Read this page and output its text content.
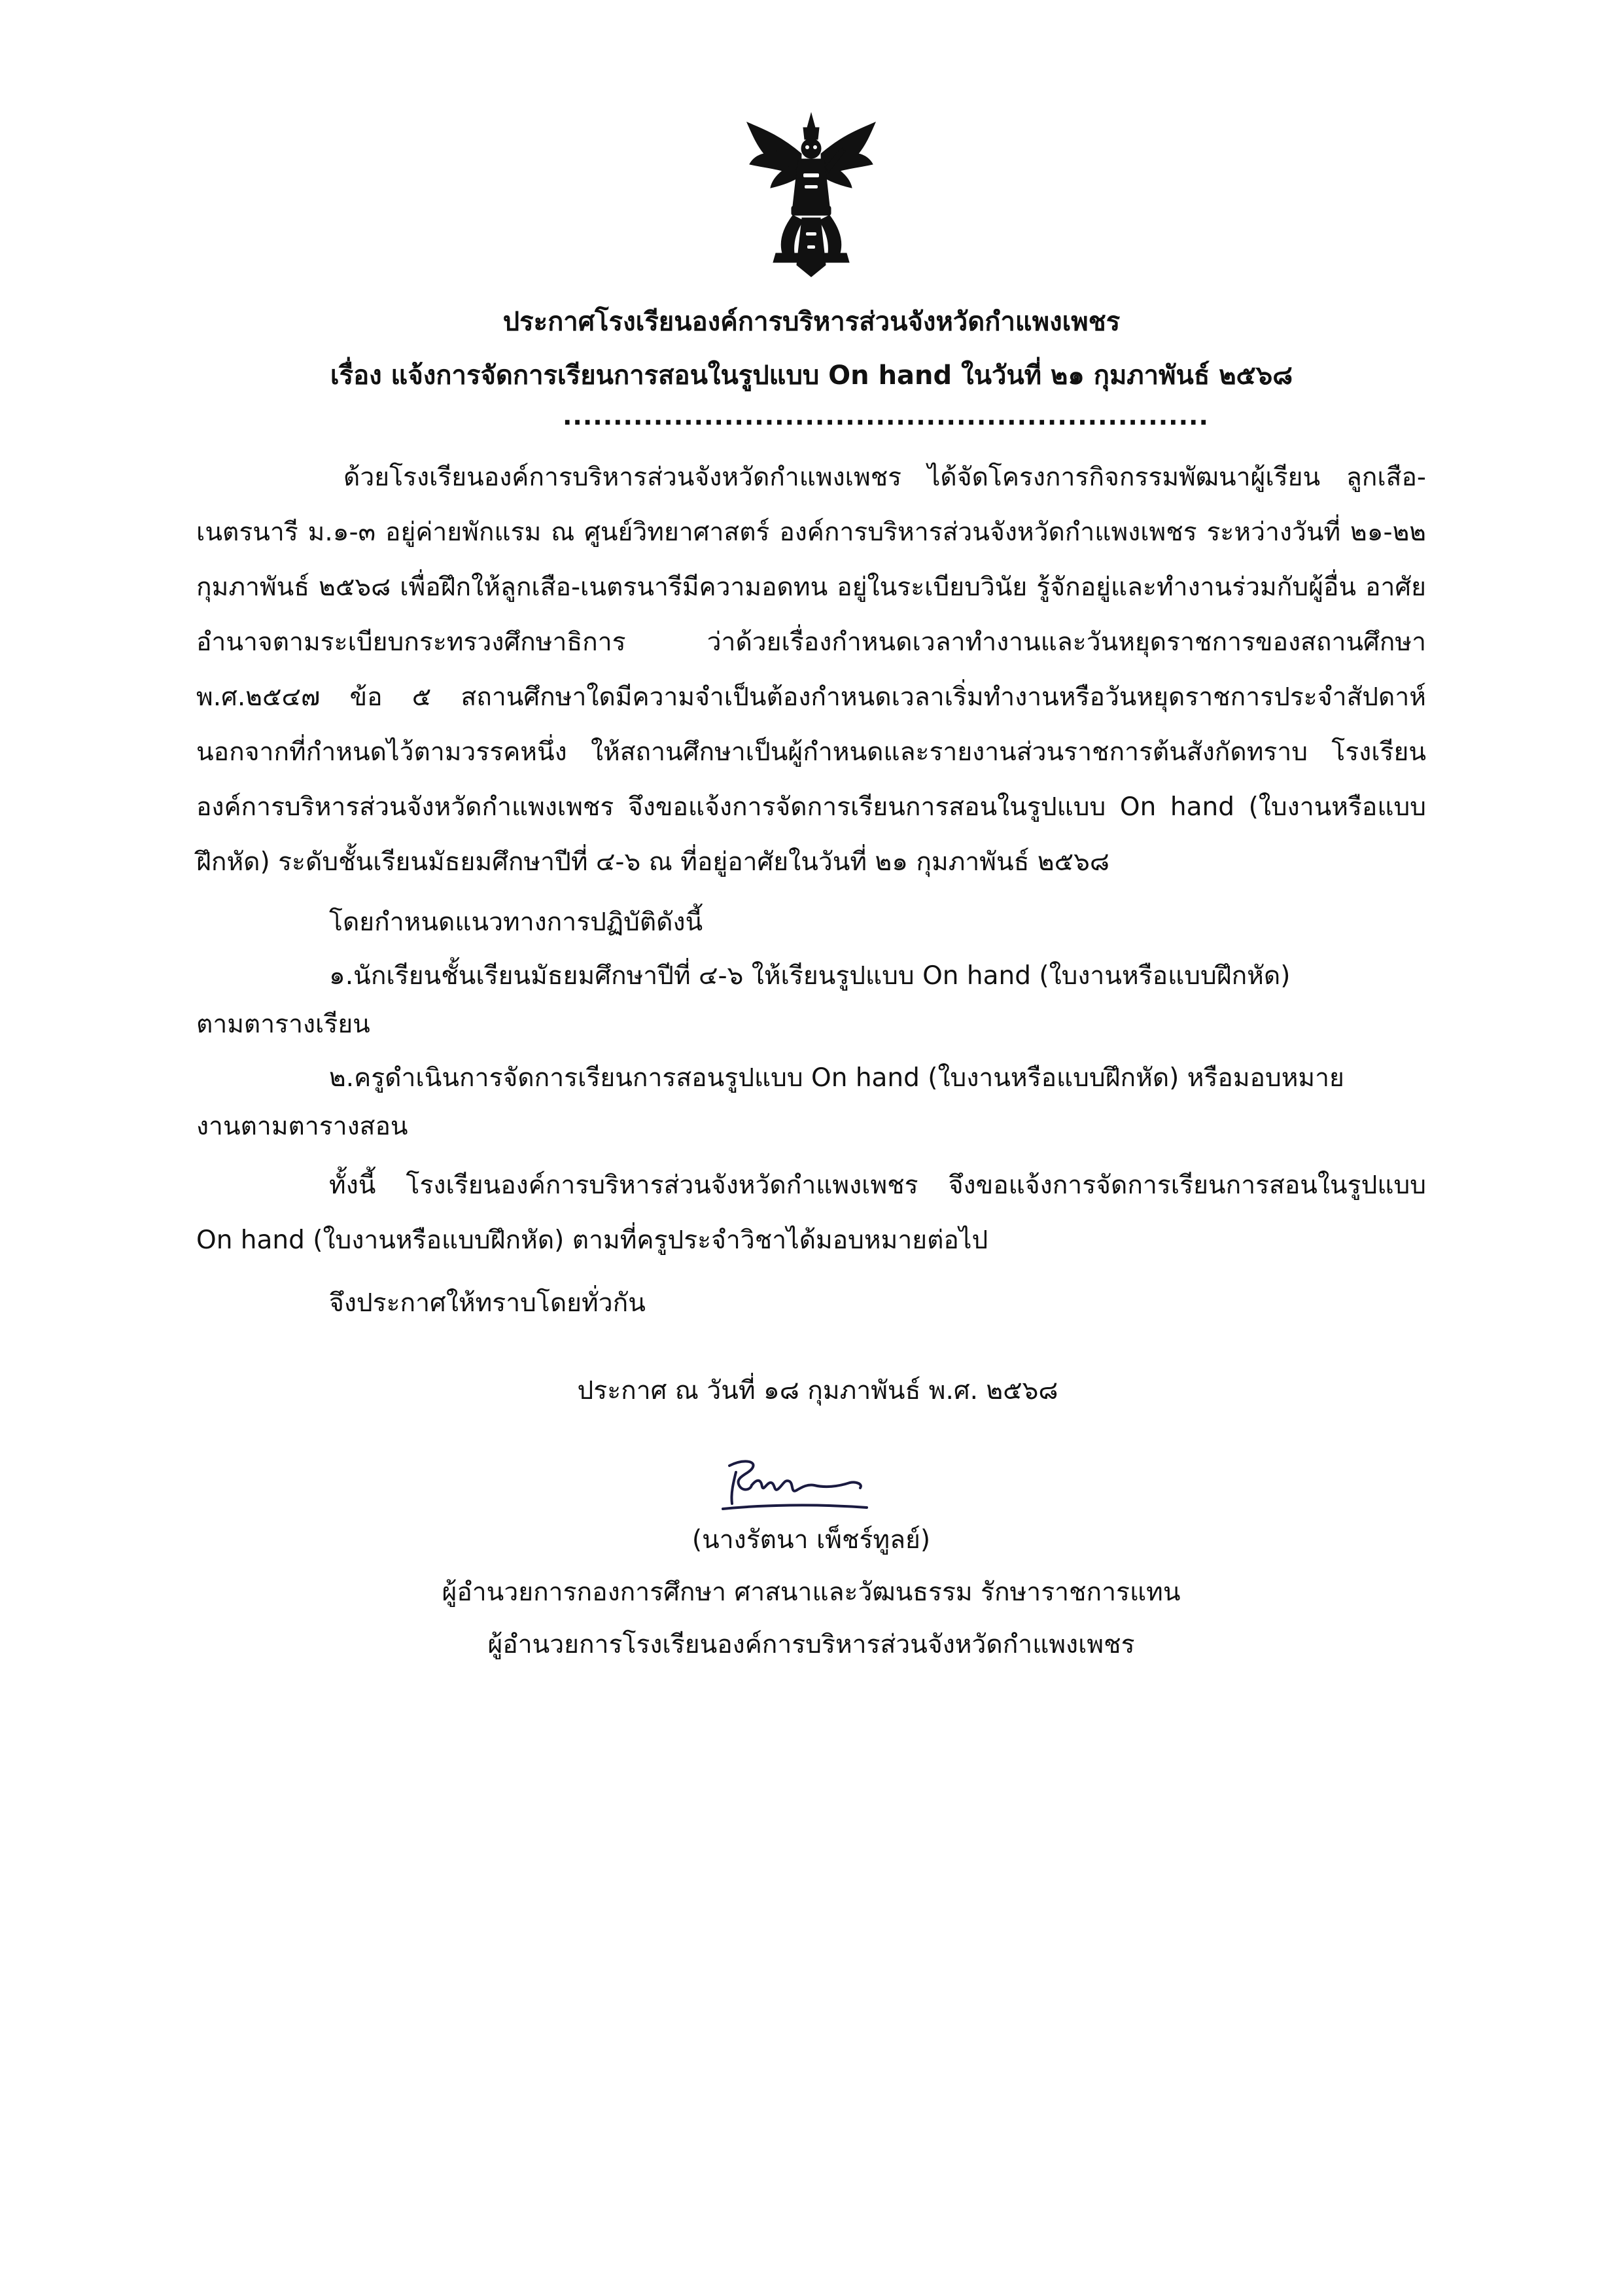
ประกาศโรงเรียนองค์การบริหารส่วนจังหวัดกำแพงเพชร
เรื่อง แจ้งการจัดการเรียนการสอนในรูปแบบ On hand ในวันที่ ๒๑ กุมภาพันธ์ ๒๕๖๘
................................................................
ด้วยโรงเรียนองค์การบริหารส่วนจังหวัดกำแพงเพชร ได้จัดโครงการกิจกรรมพัฒนาผู้เรียน ลูกเสือ-เนตรนารี ม.๑-๓ อยู่ค่ายพักแรม ณ ศูนย์วิทยาศาสตร์ องค์การบริหารส่วนจังหวัดกำแพงเพชร ระหว่างวันที่ ๒๑-๒๒ กุมภาพันธ์ ๒๕๖๘ เพื่อฝึกให้ลูกเสือ-เนตรนารีมีความอดทน อยู่ในระเบียบวินัย รู้จักอยู่และทำงานร่วมกับผู้อื่น อาศัยอำนาจตามระเบียบกระทรวงศึกษาธิการ ว่าด้วยเรื่องกำหนดเวลาทำงานและวันหยุดราชการของสถานศึกษา พ.ศ.๒๕๔๗ ข้อ ๕ สถานศึกษาใดมีความจำเป็นต้องกำหนดเวลาเริ่มทำงานหรือวันหยุดราชการประจำสัปดาห์นอกจากที่กำหนดไว้ตามวรรคหนึ่ง ให้สถานศึกษาเป็นผู้กำหนดและรายงานส่วนราชการต้นสังกัดทราบ โรงเรียนองค์การบริหารส่วนจังหวัดกำแพงเพชร จึงขอแจ้งการจัดการเรียนการสอนในรูปแบบ On hand (ใบงานหรือแบบฝึกหัด) ระดับชั้นเรียนมัธยมศึกษาปีที่ ๔-๖ ณ ที่อยู่อาศัยในวันที่ ๒๑ กุมภาพันธ์ ๒๕๖๘
โดยกำหนดแนวทางการปฏิบัติดังนี้
๑.นักเรียนชั้นเรียนมัธยมศึกษาปีที่ ๔-๖ ให้เรียนรูปแบบ On hand (ใบงานหรือแบบฝึกหัด)
ตามตารางเรียน
๒.ครูดำเนินการจัดการเรียนการสอนรูปแบบ On hand (ใบงานหรือแบบฝึกหัด) หรือมอบหมาย
งานตามตารางสอน
ทั้งนี้ โรงเรียนองค์การบริหารส่วนจังหวัดกำแพงเพชร จึงขอแจ้งการจัดการเรียนการสอนในรูปแบบ On hand (ใบงานหรือแบบฝึกหัด) ตามที่ครูประจำวิชาได้มอบหมายต่อไป
จึงประกาศให้ทราบโดยทั่วกัน
ประกาศ ณ วันที่ ๑๘ กุมภาพันธ์ พ.ศ. ๒๕๖๘
(นางรัตนา เพ็ชร์ทูลย์)
ผู้อำนวยการกองการศึกษา ศาสนาและวัฒนธรรม รักษาราชการแทน
ผู้อำนวยการโรงเรียนองค์การบริหารส่วนจังหวัดกำแพงเพชร
